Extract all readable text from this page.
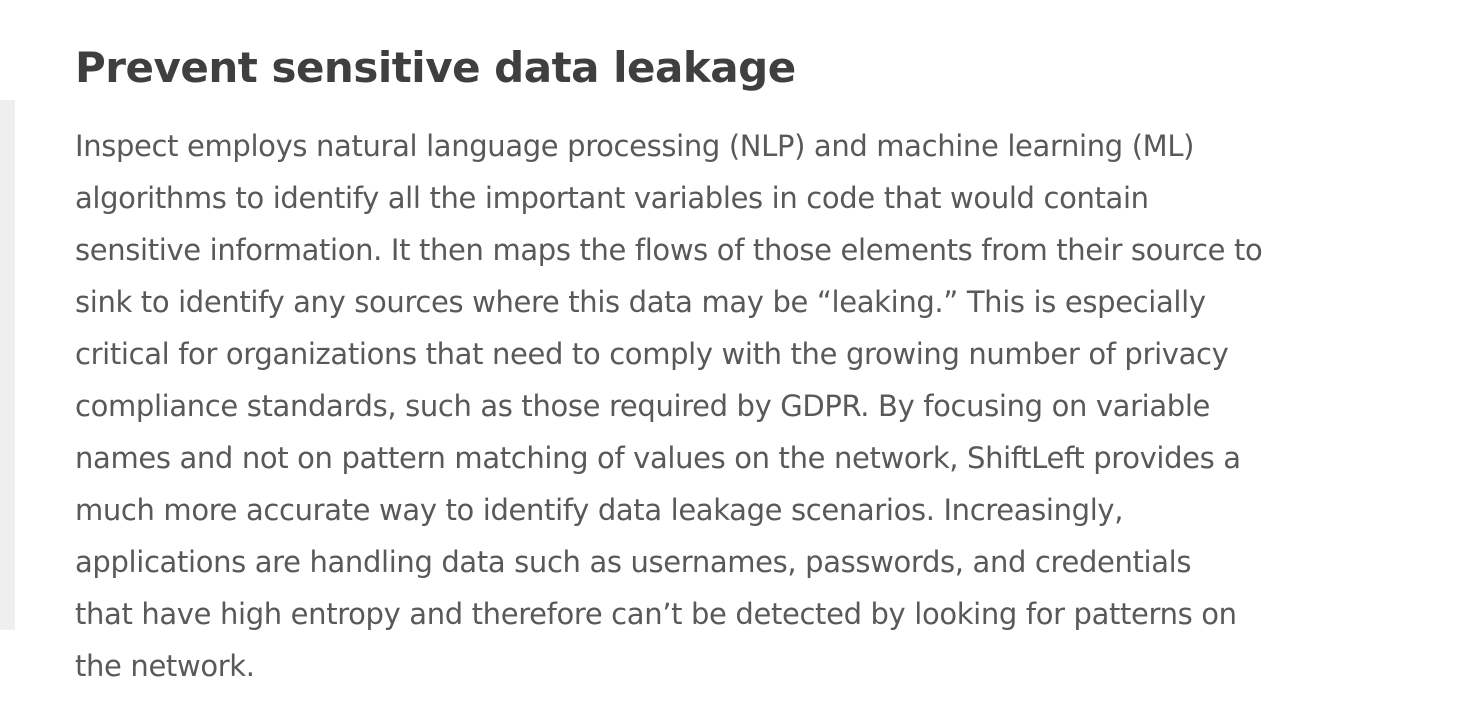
Prevent sensitive data leakage

Inspect employs natural language processing (NLP) and machine learning (ML)
algorithms to identify all the important variables in code that would contain
sensitive information. It then maps the flows of those elements from their source to
sink to identify any sources where this data may be “leaking.” This is especially
critical for organizations that need to comply with the growing number of privacy
compliance standards, such as those required by GDPR. By focusing on variable
names and not on pattern matching of values on the network, ShiftLeft provides a
much more accurate way to identify data leakage scenarios. Increasingly,
applications are handling data such as usernames, passwords, and credentials
that have high entropy and therefore can’t be detected by looking for patterns on
the network.
